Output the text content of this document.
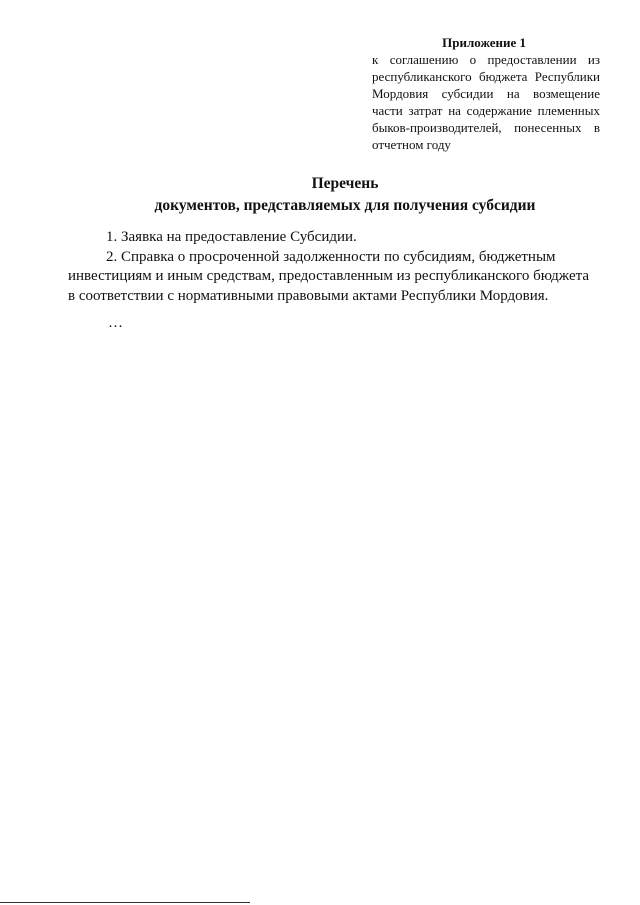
Приложение 1
к соглашению о предоставлении из
республиканского бюджета Республики
Мордовия субсидии на возмещение
части затрат на содержание племенных
быков-производителей, понесенных в
отчетном году
Перечень
документов, представляемых для получения субсидии
1. Заявка на предоставление Субсидии.
2. Справка о просроченной задолженности по субсидиям, бюджетным
инвестициям и иным средствам, предоставленным из республиканского бюджета
в соответствии с нормативными правовыми актами Республики Мордовия.
…
